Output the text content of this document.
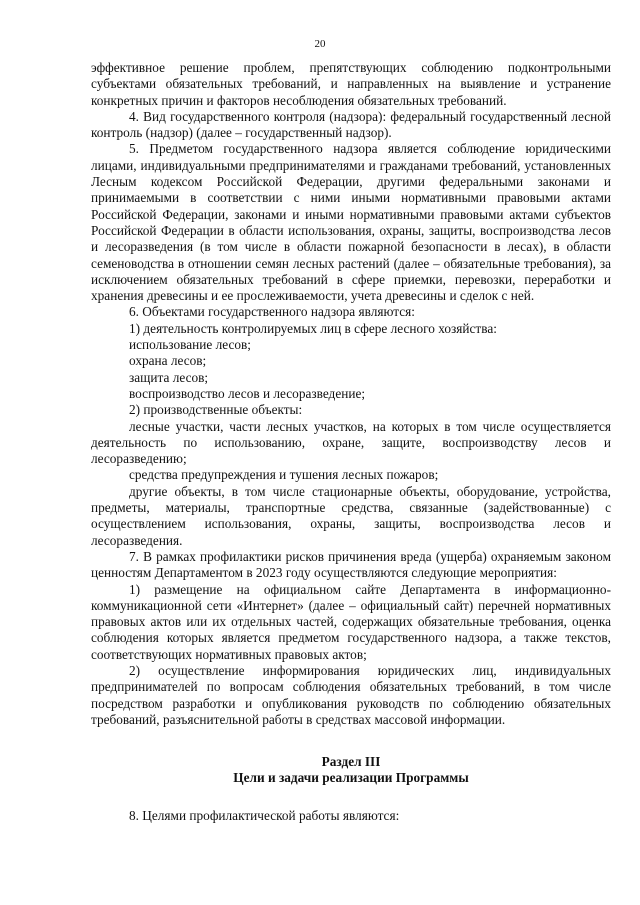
20

эффективное решение проблем, препятствующих соблюдению подконтрольными субъектами обязательных требований, и направленных на выявление и устранение конкретных причин и факторов несоблюдения обязательных требований.

4. Вид государственного контроля (надзора): федеральный государственный лесной контроль (надзор) (далее – государственный надзор).

5. Предметом государственного надзора является соблюдение юридическими лицами, индивидуальными предпринимателями и гражданами требований, установленных Лесным кодексом Российской Федерации, другими федеральными законами и принимаемыми в соответствии с ними иными нормативными правовыми актами Российской Федерации, законами и иными нормативными правовыми актами субъектов Российской Федерации в области использования, охраны, защиты, воспроизводства лесов и лесоразведения (в том числе в области пожарной безопасности в лесах), в области семеноводства в отношении семян лесных растений (далее – обязательные требования), за исключением обязательных требований в сфере приемки, перевозки, переработки и хранения древесины и ее прослеживаемости, учета древесины и сделок с ней.

6. Объектами государственного надзора являются:

1) деятельность контролируемых лиц в сфере лесного хозяйства:

использование лесов;

охрана лесов;

защита лесов;

воспроизводство лесов и лесоразведение;

2) производственные объекты:

лесные участки, части лесных участков, на которых в том числе осуществляется деятельность по использованию, охране, защите, воспроизводству лесов и лесоразведению;

средства предупреждения и тушения лесных пожаров;

другие объекты, в том числе стационарные объекты, оборудование, устройства, предметы, материалы, транспортные средства, связанные (задействованные) с осуществлением использования, охраны, защиты, воспроизводства лесов и лесоразведения.

7. В рамках профилактики рисков причинения вреда (ущерба) охраняемым законом ценностям Департаментом в 2023 году осуществляются следующие мероприятия:

1) размещение на официальном сайте Департамента в информационно-коммуникационной сети «Интернет» (далее – официальный сайт) перечней нормативных правовых актов или их отдельных частей, содержащих обязательные требования, оценка соблюдения которых является предметом государственного надзора, а также текстов, соответствующих нормативных правовых актов;

2) осуществление информирования юридических лиц, индивидуальных предпринимателей по вопросам соблюдения обязательных требований, в том числе посредством разработки и опубликования руководств по соблюдению обязательных требований, разъяснительной работы в средствах массовой информации.

Раздел III

Цели и задачи реализации Программы

8. Целями профилактической работы являются:
